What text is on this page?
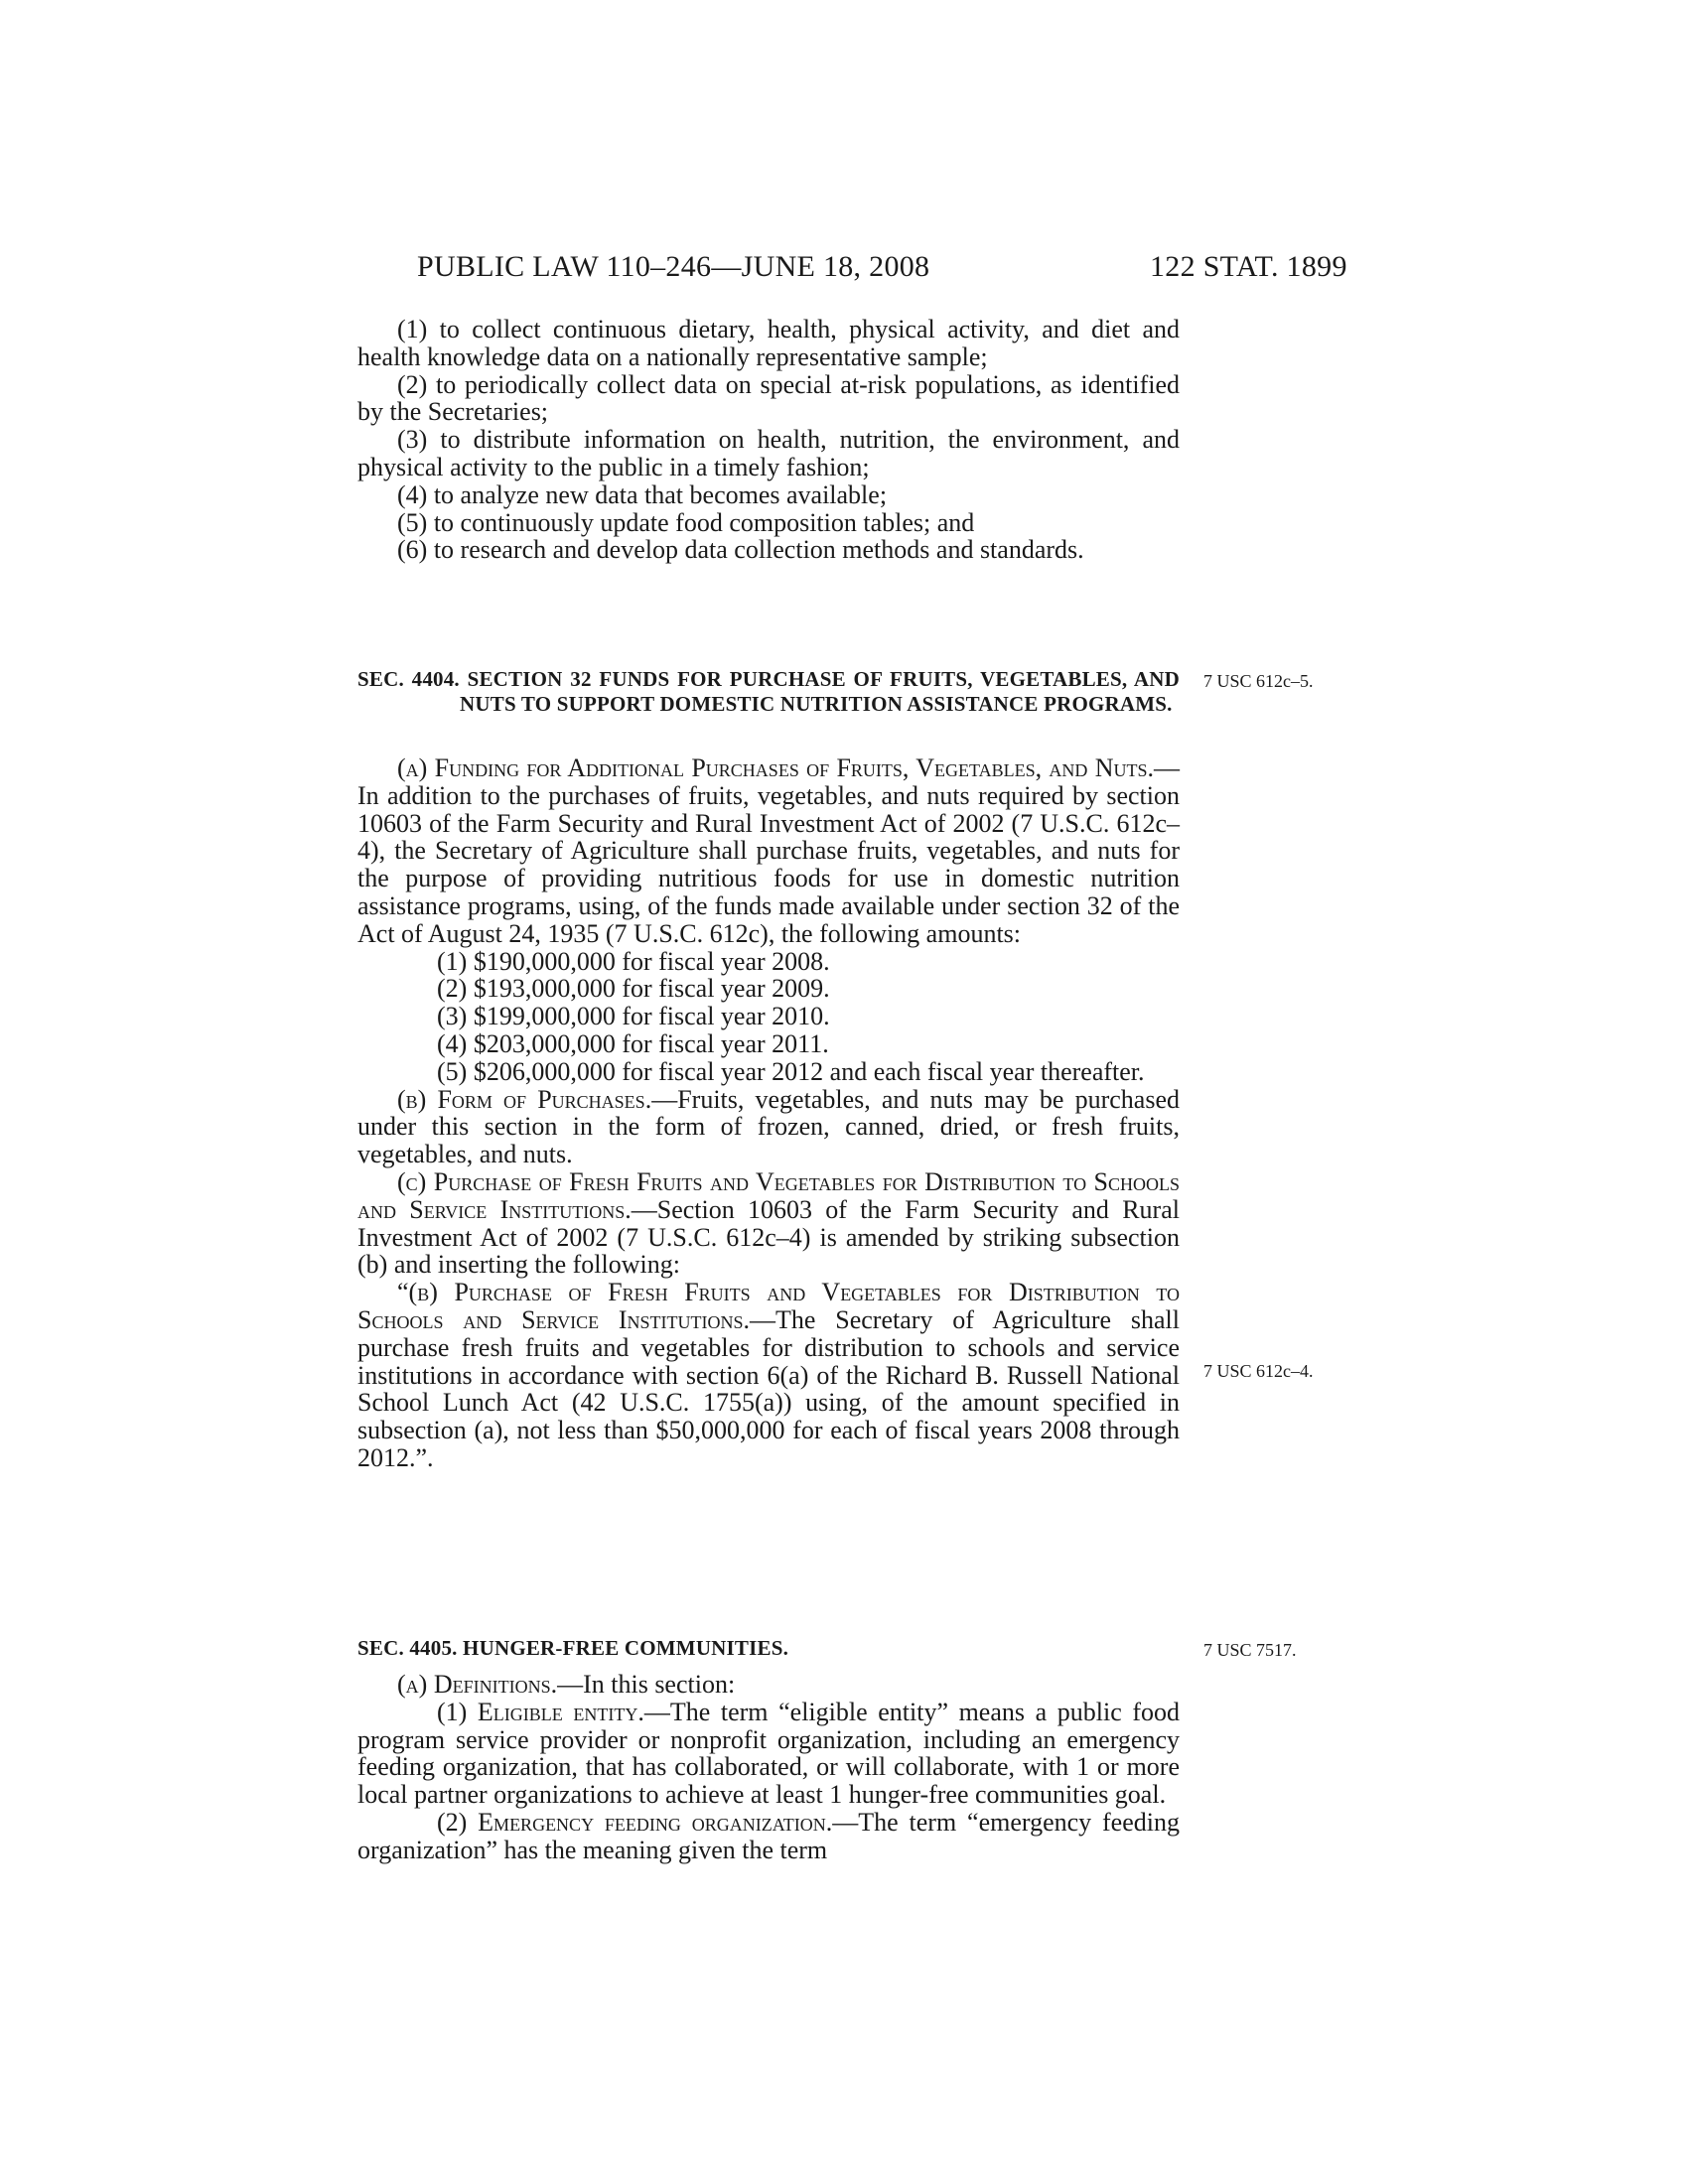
PUBLIC LAW 110–246—JUNE 18, 2008	122 STAT. 1899

(1) to collect continuous dietary, health, physical activity, and diet and health knowledge data on a nationally representative sample;

(2) to periodically collect data on special at-risk populations, as identified by the Secretaries;

(3) to distribute information on health, nutrition, the environment, and physical activity to the public in a timely fashion;

(4) to analyze new data that becomes available;

(5) to continuously update food composition tables; and

(6) to research and develop data collection methods and standards.

SEC. 4404. SECTION 32 FUNDS FOR PURCHASE OF FRUITS, VEGETABLES, AND NUTS TO SUPPORT DOMESTIC NUTRITION ASSISTANCE PROGRAMS.

7 USC 612c–5.

(a) Funding for Additional Purchases of Fruits, Vegetables, and Nuts.—In addition to the purchases of fruits, vegetables, and nuts required by section 10603 of the Farm Security and Rural Investment Act of 2002 (7 U.S.C. 612c–4), the Secretary of Agriculture shall purchase fruits, vegetables, and nuts for the purpose of providing nutritious foods for use in domestic nutrition assistance programs, using, of the funds made available under section 32 of the Act of August 24, 1935 (7 U.S.C. 612c), the following amounts:

(1) $190,000,000 for fiscal year 2008.

(2) $193,000,000 for fiscal year 2009.

(3) $199,000,000 for fiscal year 2010.

(4) $203,000,000 for fiscal year 2011.

(5) $206,000,000 for fiscal year 2012 and each fiscal year thereafter.

(b) Form of Purchases.—Fruits, vegetables, and nuts may be purchased under this section in the form of frozen, canned, dried, or fresh fruits, vegetables, and nuts.

(c) Purchase of Fresh Fruits and Vegetables for Distribution to Schools and Service Institutions.—Section 10603 of the Farm Security and Rural Investment Act of 2002 (7 U.S.C. 612c–4) is amended by striking subsection (b) and inserting the following:

“(b) Purchase of Fresh Fruits and Vegetables for Distribution to Schools and Service Institutions.—The Secretary of Agriculture shall purchase fresh fruits and vegetables for distribution to schools and service institutions in accordance with section 6(a) of the Richard B. Russell National School Lunch Act (42 U.S.C. 1755(a)) using, of the amount specified in subsection (a), not less than $50,000,000 for each of fiscal years 2008 through 2012.”.

7 USC 612c–4.

SEC. 4405. HUNGER-FREE COMMUNITIES.	7 USC 7517.

(a) Definitions.—In this section:

(1) Eligible entity.—The term “eligible entity” means a public food program service provider or nonprofit organization, including an emergency feeding organization, that has collaborated, or will collaborate, with 1 or more local partner organizations to achieve at least 1 hunger-free communities goal.

(2) Emergency feeding organization.—The term “emergency feeding organization” has the meaning given the term
